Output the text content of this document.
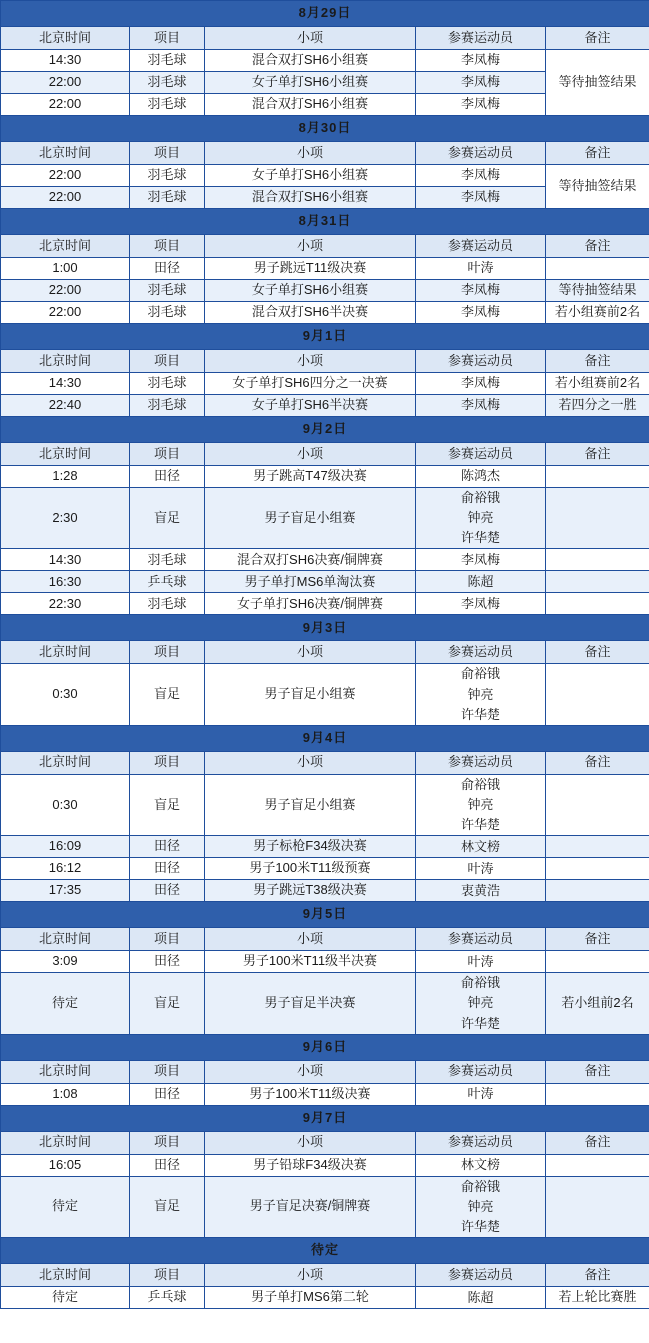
8月29日					
北京时间	项目	小项	参赛运动员	备注	
14:30	羽毛球	混合双打SH6小组赛	李凤梅	等待抽签结果	
22:00	羽毛球	女子单打SH6小组赛	李凤梅		

22:00	羽毛球	混合双打SH6小组赛	李凤梅		

8月30日					
北京时间	项目	小项	参赛运动员	备注	
22:00	羽毛球	女子单打SH6小组赛	李凤梅	等待抽签结果	
22:00	羽毛球	混合双打SH6小组赛	李凤梅		

8月31日					
北京时间	项目	小项	参赛运动员	备注	
1:00	田径	男子跳远T11级决赛	叶涛		

22:00	羽毛球	女子单打SH6小组赛	李凤梅	等待抽签结果	
22:00	羽毛球	混合双打SH6半决赛	李凤梅	若小组赛前2名	
9月1日					
北京时间	项目	小项	参赛运动员	备注	
14:30	羽毛球	女子单打SH6四分之一决赛	李凤梅	若小组赛前2名	
22:40	羽毛球	女子单打SH6半决赛	李凤梅	若四分之一胜	
9月2日					
北京时间	项目	小项	参赛运动员	备注	
1:28	田径	男子跳高T47级决赛	陈鸿杰		

2:30	盲足	男子盲足小组赛	俞裕锇
钟亮
许华楚		

14:30	羽毛球	混合双打SH6决赛/铜牌赛	李凤梅		

16:30	乒乓球	男子单打MS6单淘汰赛	陈超		

22:30	羽毛球	女子单打SH6决赛/铜牌赛	李凤梅		

9月3日					
北京时间	项目	小项	参赛运动员	备注	
0:30	盲足	男子盲足小组赛	俞裕锇
钟亮
许华楚		

9月4日					
北京时间	项目	小项	参赛运动员	备注	
0:30	盲足	男子盲足小组赛	俞裕锇
钟亮
许华楚		

16:09	田径	男子标枪F34级决赛	林文榜		

16:12	田径	男子100米T11级预赛	叶涛		

17:35	田径	男子跳远T38级决赛	衷黄浩		

9月5日					
北京时间	项目	小项	参赛运动员	备注	
3:09	田径	男子100米T11级半决赛	叶涛		

待定	盲足	男子盲足半决赛	俞裕锇
钟亮
许华楚	若小组前2名	
9月6日					
北京时间	项目	小项	参赛运动员	备注	
1:08	田径	男子100米T11级决赛	叶涛		

9月7日					
北京时间	项目	小项	参赛运动员	备注	
16:05	田径	男子铅球F34级决赛	林文榜		

待定	盲足	男子盲足决赛/铜牌赛	俞裕锇
钟亮
许华楚		

待定					
北京时间	项目	小项	参赛运动员	备注	
待定	乒乓球	男子单打MS6第二轮	陈超	若上轮比赛胜	
